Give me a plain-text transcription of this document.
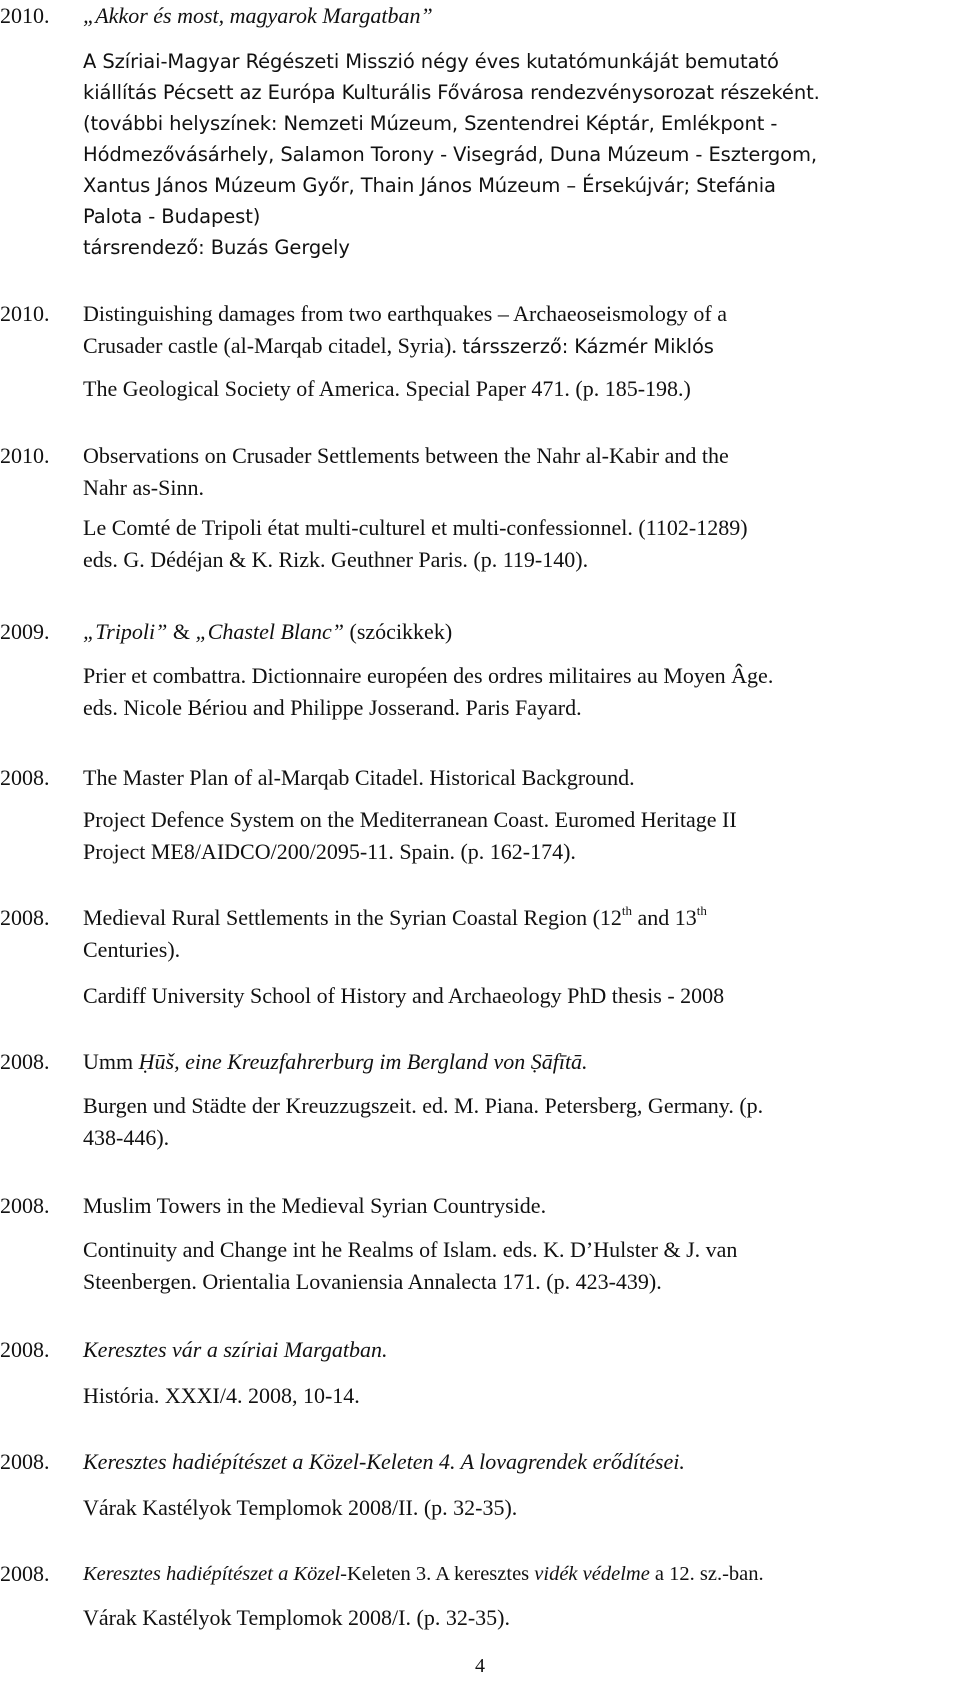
2010.	„Akkor és most, magyarok Margatban”
A Szíriai-Magyar Régészeti Misszió négy éves kutatómunkáját bemutató
kiállítás Pécsett az Európa Kulturális Fővárosa rendezvénysorozat részeként.
(további helyszínek: Nemzeti Múzeum, Szentendrei Képtár, Emlékpont -
Hódmezővásárhely, Salamon Torony - Visegrád, Duna Múzeum - Esztergom,
Xantus János Múzeum Győr, Thain János Múzeum – Érsekújvár; Stefánia
Palota - Budapest)
társrendező: Buzás Gergely
2010.	Distinguishing damages from two earthquakes – Archaeoseismology of a
Crusader castle (al-Marqab citadel, Syria). társszerző: Kázmér Miklós
The Geological Society of America. Special Paper 471. (p. 185-198.)
2010.	Observations on Crusader Settlements between the Nahr al-Kabir and the
Nahr as-Sinn.
Le Comté de Tripoli état multi-culturel et multi-confessionnel. (1102-1289)
eds. G. Dédéjan & K. Rizk. Geuthner Paris. (p. 119-140).
2009.	„Tripoli” & „Chastel Blanc” (szócikkek)
Prier et combattra. Dictionnaire européen des ordres militaires au Moyen Âge.
eds. Nicole Bériou and Philippe Josserand. Paris Fayard.
2008.	The Master Plan of al-Marqab Citadel. Historical Background.
Project Defence System on the Mediterranean Coast. Euromed Heritage II
Project ME8/AIDCO/200/2095-11. Spain. (p. 162-174).
2008.	Medieval Rural Settlements in the Syrian Coastal Region (12th and 13th
Centuries).
Cardiff University School of History and Archaeology PhD thesis - 2008
2008.	Umm Ḥūš, eine Kreuzfahrerburg im Bergland von Ṣāfītā.
Burgen und Städte der Kreuzzugszeit. ed. M. Piana. Petersberg, Germany. (p.
438-446).
2008.	Muslim Towers in the Medieval Syrian Countryside.
Continuity and Change int he Realms of Islam. eds. K. D’Hulster & J. van
Steenbergen. Orientalia Lovaniensia Annalecta 171. (p. 423-439).
2008.	Keresztes vár a szíriai Margatban.
História. XXXI/4. 2008, 10-14.
2008.	Keresztes hadiépítészet a Közel-Keleten 4. A lovagrendek erődítései.
Várak Kastélyok Templomok 2008/II. (p. 32-35).
2008.	Keresztes hadiépítészet a Közel-Keleten 3. A keresztes vidék védelme a 12. sz.-ban.
Várak Kastélyok Templomok 2008/I. (p. 32-35).
4
